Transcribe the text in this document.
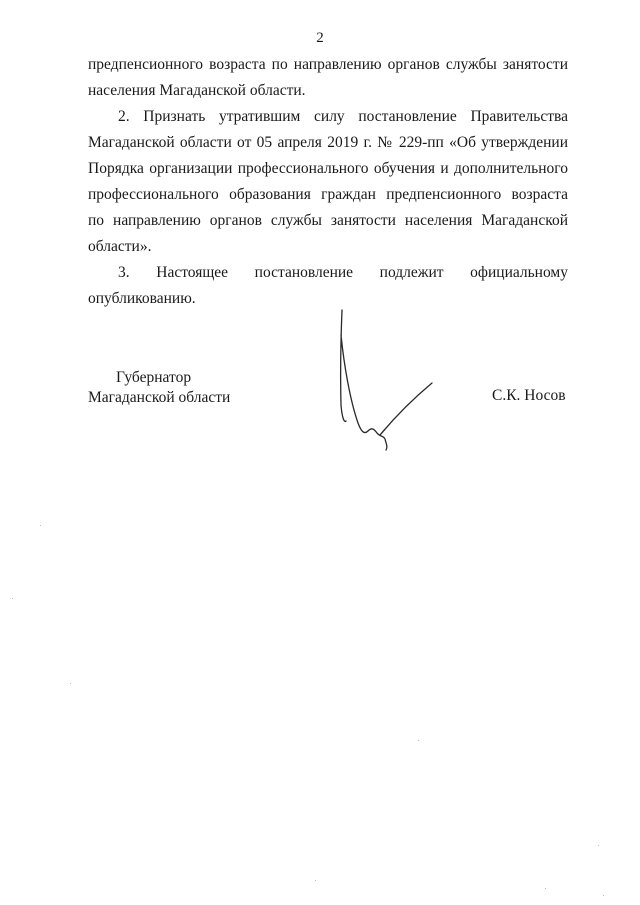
2
предпенсионного возраста по направлению органов службы занятости
населения Магаданской области.
2. Признать утратившим силу постановление Правительства
Магаданской области от 05 апреля 2019 г. № 229-пп «Об утверждении
Порядка организации профессионального обучения и дополнительного
профессионального образования граждан предпенсионного возраста
по направлению органов службы занятости населения Магаданской
области».
3. Настоящее постановление подлежит официальному
опубликованию.
Губернатор
Магаданской области	С.К. Носов
